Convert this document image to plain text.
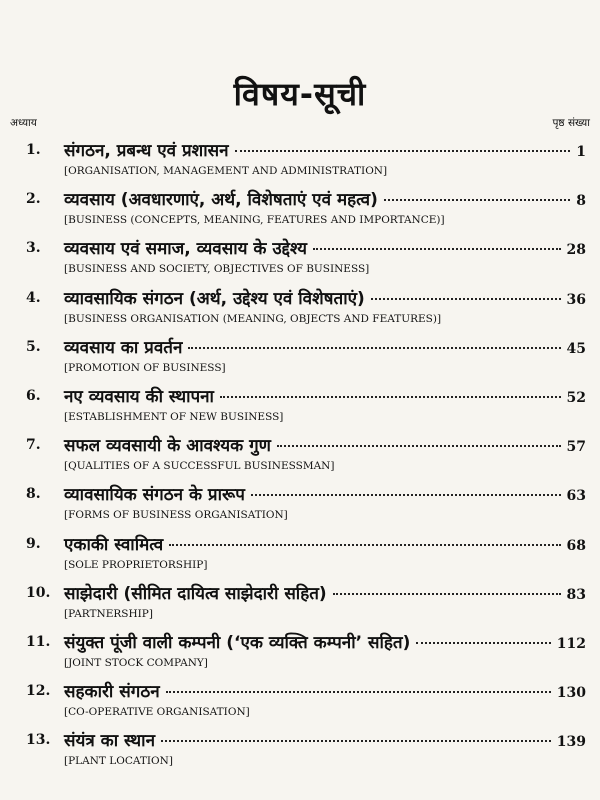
विषय-सूची
अध्याय	पृष्ठ संख्या
1.	संगठन, प्रबन्ध एवं प्रशासन	1
[ORGANISATION, MANAGEMENT AND ADMINISTRATION]
2.	व्यवसाय (अवधारणाएं, अर्थ, विशेषताएं एवं महत्व)	8
[BUSINESS (CONCEPTS, MEANING, FEATURES AND IMPORTANCE)]
3.	व्यवसाय एवं समाज, व्यवसाय के उद्देश्य	28
[BUSINESS AND SOCIETY, OBJECTIVES OF BUSINESS]
4.	व्यावसायिक संगठन (अर्थ, उद्देश्य एवं विशेषताएं)	36
[BUSINESS ORGANISATION (MEANING, OBJECTS AND FEATURES)]
5.	व्यवसाय का प्रवर्तन	45
[PROMOTION OF BUSINESS]
6.	नए व्यवसाय की स्थापना	52
[ESTABLISHMENT OF NEW BUSINESS]
7.	सफल व्यवसायी के आवश्यक गुण	57
[QUALITIES OF A SUCCESSFUL BUSINESSMAN]
8.	व्यावसायिक संगठन के प्रारूप	63
[FORMS OF BUSINESS ORGANISATION]
9.	एकाकी स्वामित्व	68
[SOLE PROPRIETORSHIP]
10. साझेदारी (सीमित दायित्व साझेदारी सहित)	83
[PARTNERSHIP]
11. संयुक्त पूंजी वाली कम्पनी (‘एक व्यक्ति कम्पनी’ सहित)	112
[JOINT STOCK COMPANY]
12. सहकारी संगठन	130
[CO-OPERATIVE ORGANISATION]
13. संयंत्र का स्थान	139
[PLANT LOCATION]
